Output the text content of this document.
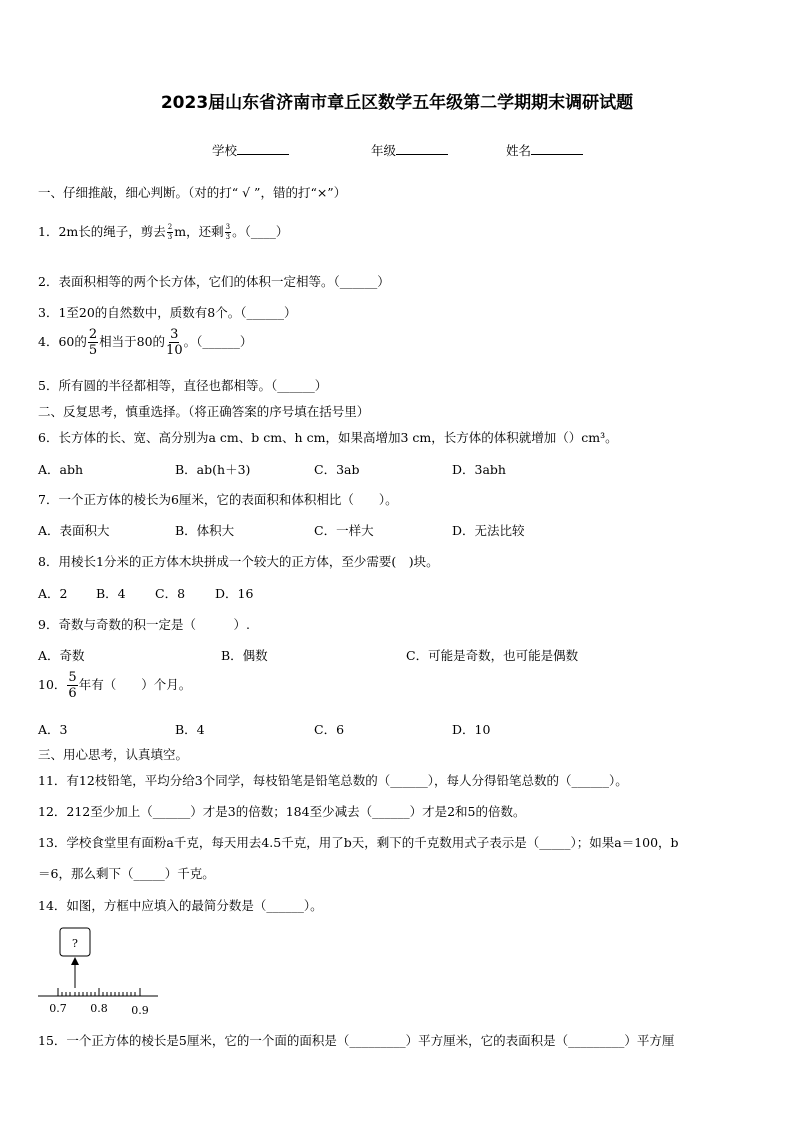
2023届山东省济南市章丘区数学五年级第二学期期末调研试题
学校	年级	姓名
一、仔细推敲，细心判断。（对的打“ √ ”，错的打“×”）
1．2m长的绳子，剪去 $\frac{2}{3}$ m，还剩 $\frac{3}{3}$ 。（____）
2．表面积相等的两个长方体，它们的体积一定相等。（______）
3．1至20的自然数中，质数有8个。（______）
4．60的 $\frac{2}{5}$ 相当于80的 $\frac{3}{10}$ 。（______）
5．所有圆的半径都相等，直径也都相等。（______）
二、反复思考，慎重选择。（将正确答案的序号填在括号里）
6．长方体的长、宽、高分别为a cm、b cm、h cm，如果高增加3 cm，长方体的体积就增加（）cm³。
A．abh	B．ab(h＋3)	C．3ab	D．3abh
7．一个正方体的棱长为6厘米，它的表面积和体积相比（　　）。
A．表面积大	B．体积大	C．一样大	D．无法比较
8．用棱长1分米的正方体木块拼成一个较大的正方体，至少需要(　)块。
A．2 B．4 C．8 D．16
9．奇数与奇数的积一定是（　　　）.
A．奇数	B．偶数	C．可能是奇数，也可能是偶数
10． $\frac{5}{6}$ 年有（　　）个月。
A．3	B．4	C．6	D．10
三、用心思考，认真填空。
11．有12枝铅笔，平均分给3个同学，每枝铅笔是铅笔总数的（______），每人分得铅笔总数的（______）。
12．212至少加上（______）才是3的倍数；184至少减去（______）才是2和5的倍数。
13．学校食堂里有面粉a千克，每天用去4.5千克，用了b天，剩下的千克数用式子表示是（_____）；如果a＝100，b
＝6，那么剩下（_____）千克。
14．如图，方框中应填入的最简分数是（______）。
?
0.7 0.8 0.9
15．一个正方体的棱长是5厘米，它的一个面的面积是（_________）平方厘米，它的表面积是（_________）平方厘
